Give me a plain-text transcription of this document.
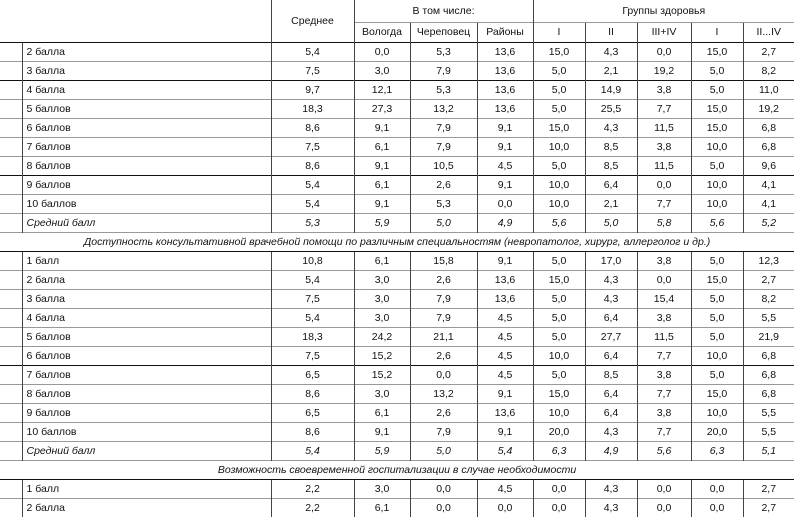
		Среднее	В том числе:			Группы здоровья				
			Вологда	Череповец	Районы	I	II	III+IV	I	II...IV
	2 балла	5,4	0,0	5,3	13,6	15,0	4,3	0,0	15,0	2,7
	3 балла	7,5	3,0	7,9	13,6	5,0	2,1	19,2	5,0	8,2
	4 балла	9,7	12,1	5,3	13,6	5,0	14,9	3,8	5,0	11,0
	5 баллов	18,3	27,3	13,2	13,6	5,0	25,5	7,7	15,0	19,2
	6 баллов	8,6	9,1	7,9	9,1	15,0	4,3	11,5	15,0	6,8
	7 баллов	7,5	6,1	7,9	9,1	10,0	8,5	3,8	10,0	6,8
	8 баллов	8,6	9,1	10,5	4,5	5,0	8,5	11,5	5,0	9,6
	9 баллов	5,4	6,1	2,6	9,1	10,0	6,4	0,0	10,0	4,1
	10 баллов	5,4	9,1	5,3	0,0	10,0	2,1	7,7	10,0	4,1
	Средний балл	5,3	5,9	5,0	4,9	5,6	5,0	5,8	5,6	5,2
Доступность консультативной врачебной помощи по различным специальностям (невропатолог, хирург, аллерголог и др.)										
	1 балл	10,8	6,1	15,8	9,1	5,0	17,0	3,8	5,0	12,3
	2 балла	5,4	3,0	2,6	13,6	15,0	4,3	0,0	15,0	2,7
	3 балла	7,5	3,0	7,9	13,6	5,0	4,3	15,4	5,0	8,2
	4 балла	5,4	3,0	7,9	4,5	5,0	6,4	3,8	5,0	5,5
	5 баллов	18,3	24,2	21,1	4,5	5,0	27,7	11,5	5,0	21,9
	6 баллов	7,5	15,2	2,6	4,5	10,0	6,4	7,7	10,0	6,8
	7 баллов	6,5	15,2	0,0	4,5	5,0	8,5	3,8	5,0	6,8
	8 баллов	8,6	3,0	13,2	9,1	15,0	6,4	7,7	15,0	6,8
	9 баллов	6,5	6,1	2,6	13,6	10,0	6,4	3,8	10,0	5,5
	10 баллов	8,6	9,1	7,9	9,1	20,0	4,3	7,7	20,0	5,5
	Средний балл	5,4	5,9	5,0	5,4	6,3	4,9	5,6	6,3	5,1
Возможность своевременной госпитализации в случае необходимости										
	1 балл	2,2	3,0	0,0	4,5	0,0	4,3	0,0	0,0	2,7
	2 балла	2,2	6,1	0,0	0,0	0,0	4,3	0,0	0,0	2,7
